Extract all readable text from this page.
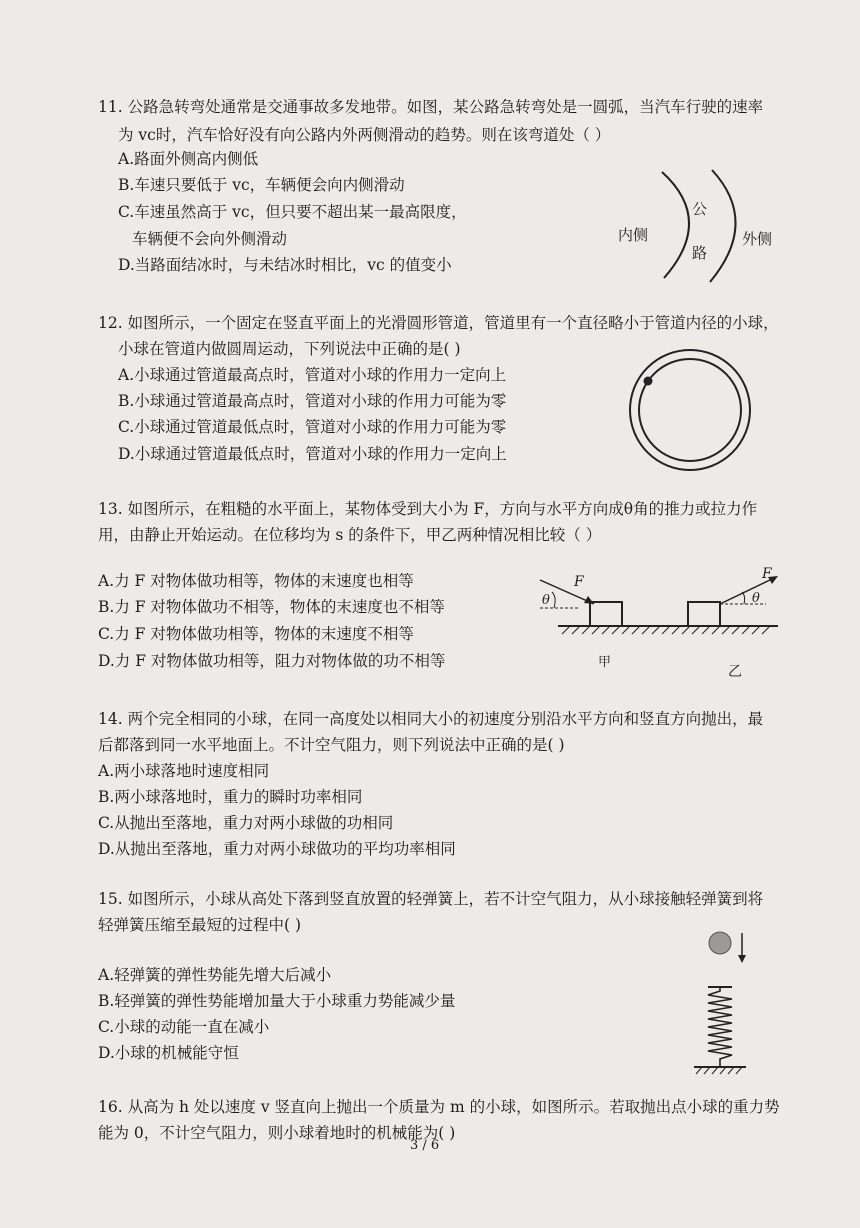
11. 公路急转弯处通常是交通事故多发地带。如图，某公路急转弯处是一圆弧，当汽车行驶的速率
为 vc时，汽车恰好没有向公路内外两侧滑动的趋势。则在该弯道处（ ）
A.路面外侧高内侧低
B.车速只要低于 vc，车辆便会向内侧滑动
C.车速虽然高于 vc，但只要不超出某一最高限度，
车辆便不会向外侧滑动
D.当路面结冰时，与未结冰时相比，vc 的值变小
内侧
公
路
外侧
12. 如图所示，一个固定在竖直平面上的光滑圆形管道，管道里有一个直径略小于管道内径的小球，
小球在管道内做圆周运动，下列说法中正确的是( )
A.小球通过管道最高点时，管道对小球的作用力一定向上
B.小球通过管道最高点时，管道对小球的作用力可能为零
C.小球通过管道最低点时，管道对小球的作用力可能为零
D.小球通过管道最低点时，管道对小球的作用力一定向上
13. 如图所示，在粗糙的水平面上，某物体受到大小为 F，方向与水平方向成θ角的推力或拉力作
用，由静止开始运动。在位移均为 s 的条件下，甲乙两种情况相比较（ ）
A.力 F 对物体做功相等，物体的末速度也相等
B.力 F 对物体做功不相等，物体的末速度也不相等
C.力 F 对物体做功相等，物体的末速度不相等
D.力 F 对物体做功相等，阻力对物体做的功不相等
F
θ
F
θ
甲
乙
14. 两个完全相同的小球，在同一高度处以相同大小的初速度分别沿水平方向和竖直方向抛出，最
后都落到同一水平地面上。不计空气阻力，则下列说法中正确的是( )
A.两小球落地时速度相同
B.两小球落地时，重力的瞬时功率相同
C.从抛出至落地，重力对两小球做的功相同
D.从抛出至落地，重力对两小球做功的平均功率相同
15. 如图所示，小球从高处下落到竖直放置的轻弹簧上，若不计空气阻力，从小球接触轻弹簧到将
轻弹簧压缩至最短的过程中( )
A.轻弹簧的弹性势能先增大后减小
B.轻弹簧的弹性势能增加量大于小球重力势能减少量
C.小球的动能一直在减小
D.小球的机械能守恒
16. 从高为 h 处以速度 v 竖直向上抛出一个质量为 m 的小球，如图所示。若取抛出点小球的重力势
能为 0，不计空气阻力，则小球着地时的机械能为( )
3 / 6
